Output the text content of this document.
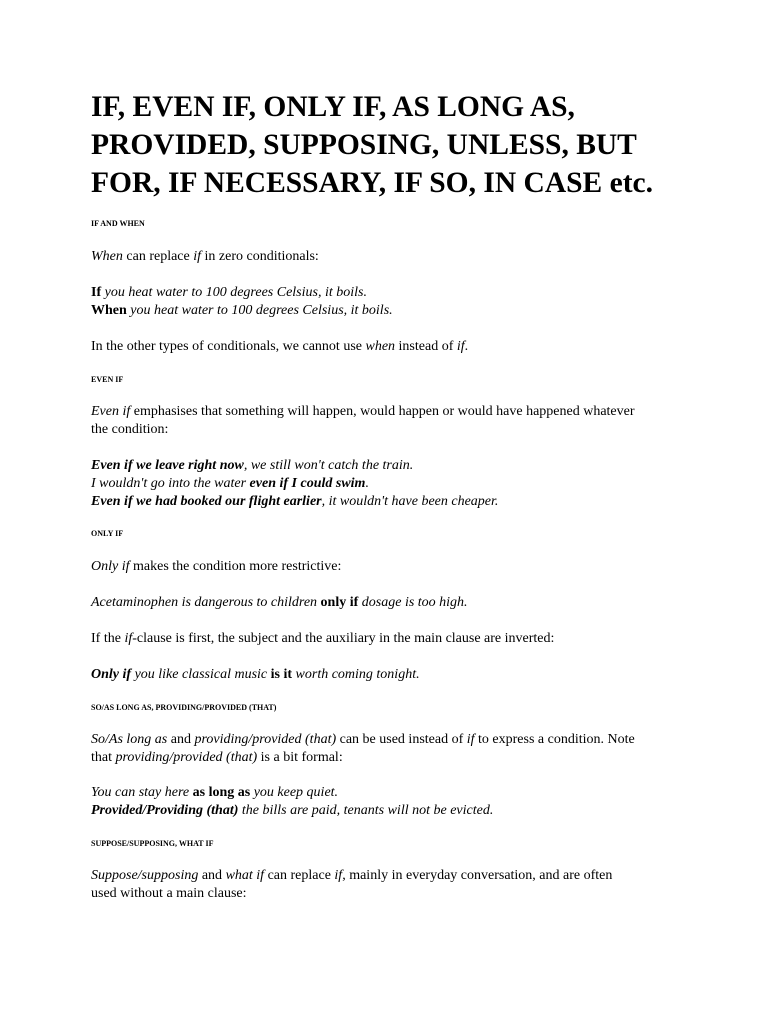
IF, EVEN IF, ONLY IF, AS LONG AS, PROVIDED, SUPPOSING, UNLESS, BUT FOR, IF NECESSARY, IF SO, IN CASE etc.
IF AND WHEN

When can replace if in zero conditionals:

If you heat water to 100 degrees Celsius, it boils.
When you heat water to 100 degrees Celsius, it boils.

In the other types of conditionals, we cannot use when instead of if.

EVEN IF

Even if emphasises that something will happen, would happen or would have happened whatever
the condition:

Even if we leave right now, we still won't catch the train.
I wouldn't go into the water even if I could swim.
Even if we had booked our flight earlier, it wouldn't have been cheaper.

ONLY IF

Only if makes the condition more restrictive:

Acetaminophen is dangerous to children only if dosage is too high.

If the if-clause is first, the subject and the auxiliary in the main clause are inverted:

Only if you like classical music is it worth coming tonight.

SO/AS LONG AS, PROVIDING/PROVIDED (THAT)

So/As long as and providing/provided (that) can be used instead of if to express a condition. Note
that providing/provided (that) is a bit formal:

You can stay here as long as you keep quiet.
Provided/Providing (that) the bills are paid, tenants will not be evicted.

SUPPOSE/SUPPOSING, WHAT IF

Suppose/supposing and what if can replace if, mainly in everyday conversation, and are often
used without a main clause:
